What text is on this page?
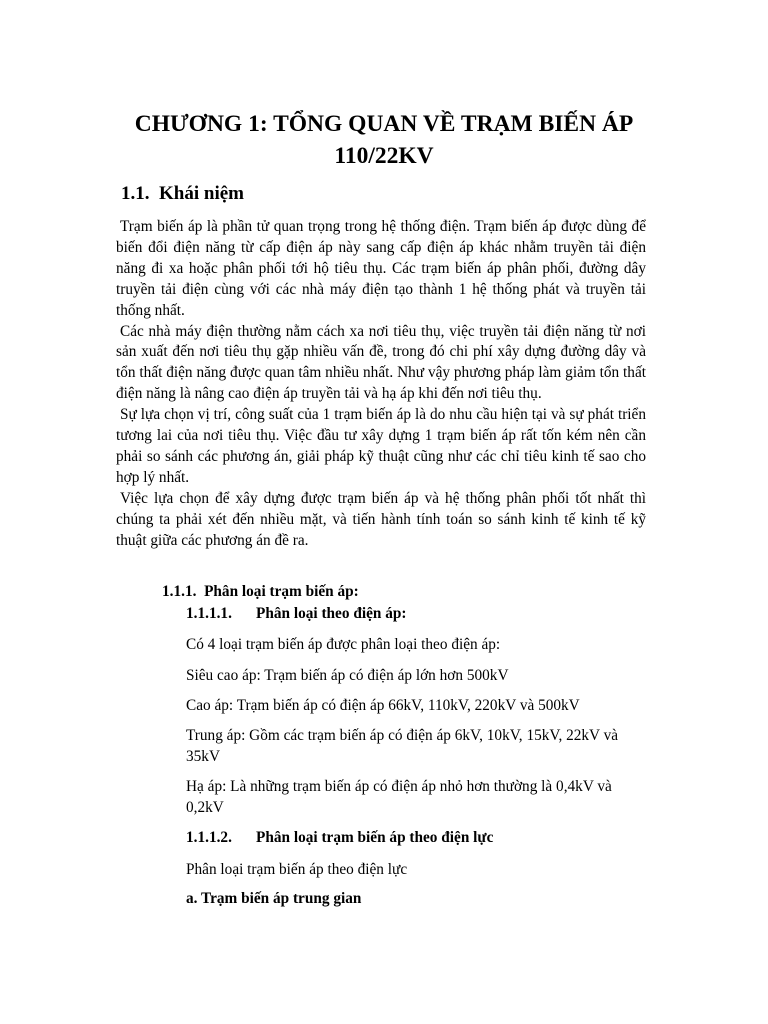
CHƯƠNG 1: TỔNG QUAN VỀ TRẠM BIẾN ÁP 110/22KV
1.1. Khái niệm

Trạm biến áp là phần tử quan trọng trong hệ thống điện. Trạm biến áp được dùng để biến đổi điện năng từ cấp điện áp này sang cấp điện áp khác nhằm truyền tải điện năng đi xa hoặc phân phối tới hộ tiêu thụ. Các trạm biến áp phân phối, đường dây truyền tải điện cùng với các nhà máy điện tạo thành 1 hệ thống phát và truyền tải thống nhất.

Các nhà máy điện thường nằm cách xa nơi tiêu thụ, việc truyền tải điện năng từ nơi sản xuất đến nơi tiêu thụ gặp nhiều vấn đề, trong đó chi phí xây dựng đường dây và tổn thất điện năng được quan tâm nhiều nhất. Như vậy phương pháp làm giảm tổn thất điện năng là nâng cao điện áp truyền tải và hạ áp khi đến nơi tiêu thụ.

Sự lựa chọn vị trí, công suất của 1 trạm biến áp là do nhu cầu hiện tại và sự phát triển tương lai của nơi tiêu thụ. Việc đầu tư xây dựng 1 trạm biến áp rất tốn kém nên cần phải so sánh các phương án, giải pháp kỹ thuật cũng như các chỉ tiêu kinh tế sao cho hợp lý nhất.

Việc lựa chọn để xây dựng được trạm biến áp và hệ thống phân phối tốt nhất thì chúng ta phải xét đến nhiều mặt, và tiến hành tính toán so sánh kinh tế kinh tế kỹ thuật giữa các phương án đề ra.

1.1.1. Phân loại trạm biến áp:
1.1.1.1. Phân loại theo điện áp:

Có 4 loại trạm biến áp được phân loại theo điện áp:

Siêu cao áp: Trạm biến áp có điện áp lớn hơn 500kV

Cao áp: Trạm biến áp có điện áp 66kV, 110kV, 220kV và 500kV

Trung áp: Gồm các trạm biến áp có điện áp 6kV, 10kV, 15kV, 22kV và 35kV

Hạ áp: Là những trạm biến áp có điện áp nhỏ hơn thường là 0,4kV và 0,2kV

1.1.1.2. Phân loại trạm biến áp theo điện lực

Phân loại trạm biến áp theo điện lực

a. Trạm biến áp trung gian
